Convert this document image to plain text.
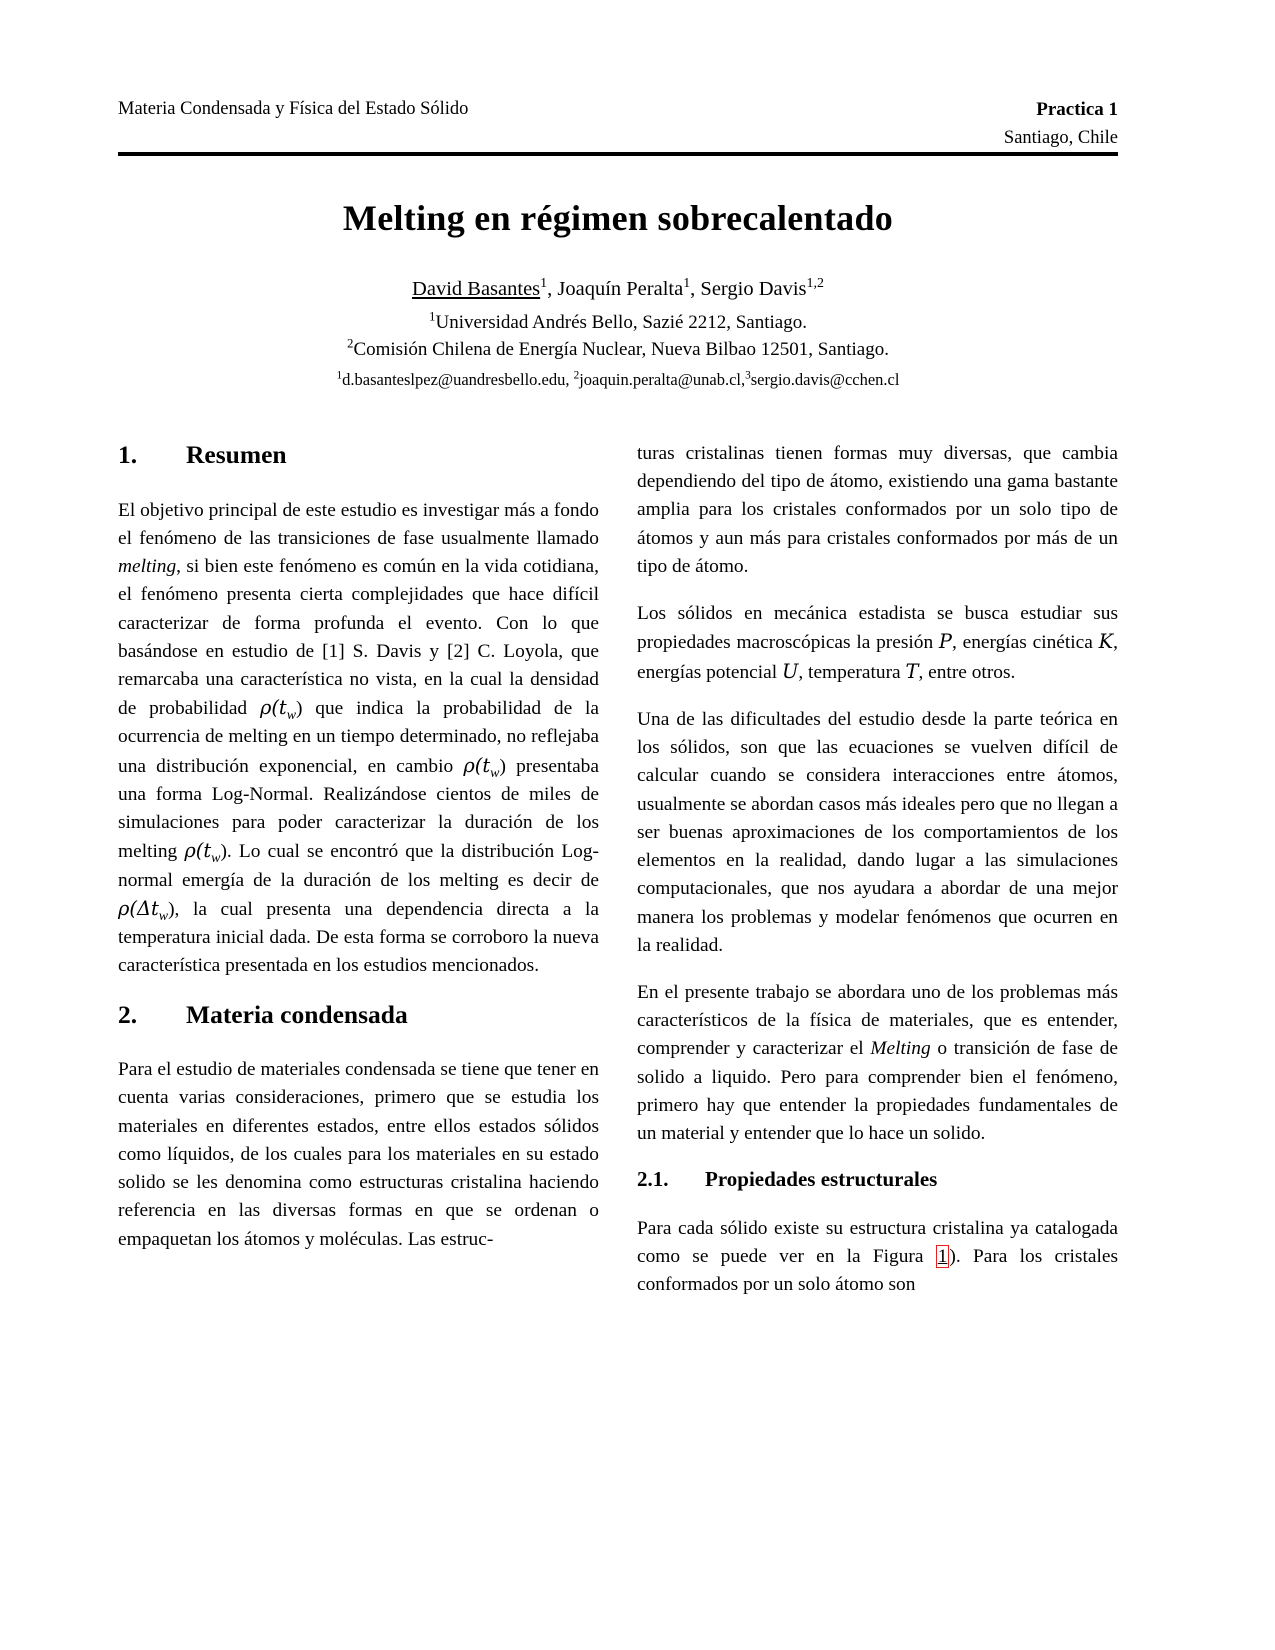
Materia Condensada y Física del Estado Sólido	Practica 1
Santiago, Chile
Melting en régimen sobrecalentado
David Basantes$^1$, Joaquín Peralta$^1$, Sergio Davis$^{1,2}$
$^1$Universidad Andrés Bello, Sazié 2212, Santiago.
$^2$Comisión Chilena de Energía Nuclear, Nueva Bilbao 12501, Santiago.
$^1$d.basanteslpez@uandresbello.edu, $^2$joaquin.peralta@unab.cl,$^3$sergio.davis@cchen.cl
1.	Resumen

El objetivo principal de este estudio es investigar más a fondo el fenómeno de las transiciones de fase usualmente llamado melting, si bien este fenómeno es común en la vida cotidiana, el fenómeno presenta cierta complejidades que hace difícil caracterizar de forma profunda el evento. Con lo que basándose en estudio de [1] S. Davis y [2] C. Loyola, que remarcaba una característica no vista, en la cual la densidad de probabilidad $\rho(t_w)$ que indica la probabilidad de la ocurrencia de melting en un tiempo determinado, no reflejaba una distribución exponencial, en cambio $\rho(t_w)$ presentaba una forma Log-Normal. Realizándose cientos de miles de simulaciones para poder caracterizar la duración de los melting $\rho(t_w)$. Lo cual se encontró que la distribución Log-normal emergía de la duración de los melting es decir de $\rho(\Delta t_w)$, la cual presenta una dependencia directa a la temperatura inicial dada. De esta forma se corroboro la nueva característica presentada en los estudios mencionados.

2.	Materia condensada

Para el estudio de materiales condensada se tiene que tener en cuenta varias consideraciones, primero que se estudia los materiales en diferentes estados, entre ellos estados sólidos como líquidos, de los cuales para los materiales en su estado solido se les denomina como estructuras cristalina haciendo referencia en las diversas formas en que se ordenan o empaquetan los átomos y moléculas. Las estruc-

turas cristalinas tienen formas muy diversas, que cambia dependiendo del tipo de átomo, existiendo una gama bastante amplia para los cristales conformados por un solo tipo de átomos y aun más para cristales conformados por más de un tipo de átomo.

Los sólidos en mecánica estadista se busca estudiar sus propiedades macroscópicas la presión P, energías cinética K, energías potencial U, temperatura T, entre otros.

Una de las dificultades del estudio desde la parte teórica en los sólidos, son que las ecuaciones se vuelven difícil de calcular cuando se considera interacciones entre átomos, usualmente se abordan casos más ideales pero que no llegan a ser buenas aproximaciones de los comportamientos de los elementos en la realidad, dando lugar a las simulaciones computacionales, que nos ayudara a abordar de una mejor manera los problemas y modelar fenómenos que ocurren en la realidad.

En el presente trabajo se abordara uno de los problemas más característicos de la física de materiales, que es entender, comprender y caracterizar el Melting o transición de fase de solido a liquido. Pero para comprender bien el fenómeno, primero hay que entender la propiedades fundamentales de un material y entender que lo hace un solido.

2.1.	Propiedades estructurales

Para cada sólido existe su estructura cristalina ya catalogada como se puede ver en la Figura 1 ). Para los cristales conformados por un solo átomo son
